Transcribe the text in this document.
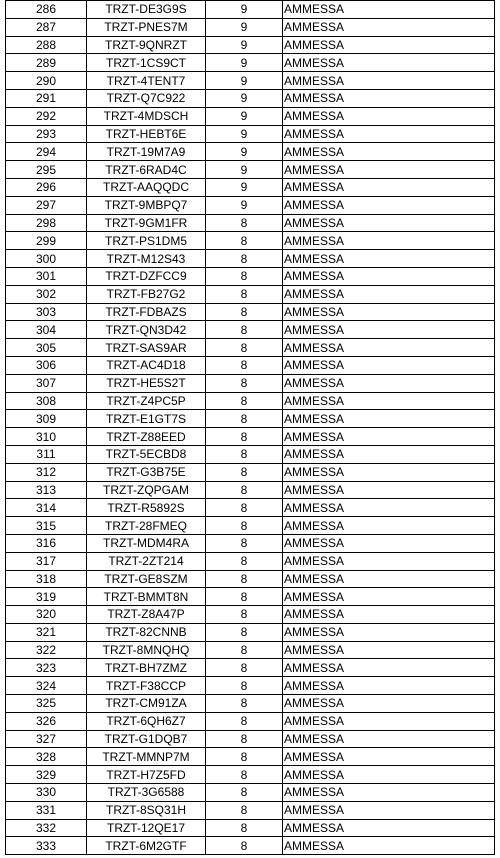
286	TRZT-DE3G9S	9	AMMESSA
287	TRZT-PNES7M	9	AMMESSA
288	TRZT-9QNRZT	9	AMMESSA
289	TRZT-1CS9CT	9	AMMESSA
290	TRZT-4TENT7	9	AMMESSA
291	TRZT-Q7C922	9	AMMESSA
292	TRZT-4MDSCH	9	AMMESSA
293	TRZT-HEBT6E	9	AMMESSA
294	TRZT-19M7A9	9	AMMESSA
295	TRZT-6RAD4C	9	AMMESSA
296	TRZT-AAQQDC	9	AMMESSA
297	TRZT-9MBPQ7	9	AMMESSA
298	TRZT-9GM1FR	8	AMMESSA
299	TRZT-PS1DM5	8	AMMESSA
300	TRZT-M12S43	8	AMMESSA
301	TRZT-DZFCC9	8	AMMESSA
302	TRZT-FB27G2	8	AMMESSA
303	TRZT-FDBAZS	8	AMMESSA
304	TRZT-QN3D42	8	AMMESSA
305	TRZT-SAS9AR	8	AMMESSA
306	TRZT-AC4D18	8	AMMESSA
307	TRZT-HE5S2T	8	AMMESSA
308	TRZT-Z4PC5P	8	AMMESSA
309	TRZT-E1GT7S	8	AMMESSA
310	TRZT-Z88EED	8	AMMESSA
311	TRZT-5ECBD8	8	AMMESSA
312	TRZT-G3B75E	8	AMMESSA
313	TRZT-ZQPGAM	8	AMMESSA
314	TRZT-R5892S	8	AMMESSA
315	TRZT-28FMEQ	8	AMMESSA
316	TRZT-MDM4RA	8	AMMESSA
317	TRZT-2ZT214	8	AMMESSA
318	TRZT-GE8SZM	8	AMMESSA
319	TRZT-BMMT8N	8	AMMESSA
320	TRZT-Z8A47P	8	AMMESSA
321	TRZT-82CNNB	8	AMMESSA
322	TRZT-8MNQHQ	8	AMMESSA
323	TRZT-BH7ZMZ	8	AMMESSA
324	TRZT-F38CCP	8	AMMESSA
325	TRZT-CM91ZA	8	AMMESSA
326	TRZT-6QH6Z7	8	AMMESSA
327	TRZT-G1DQB7	8	AMMESSA
328	TRZT-MMNP7M	8	AMMESSA
329	TRZT-H7Z5FD	8	AMMESSA
330	TRZT-3G6588	8	AMMESSA
331	TRZT-8SQ31H	8	AMMESSA
332	TRZT-12QE17	8	AMMESSA
333	TRZT-6M2GTF	8	AMMESSA
